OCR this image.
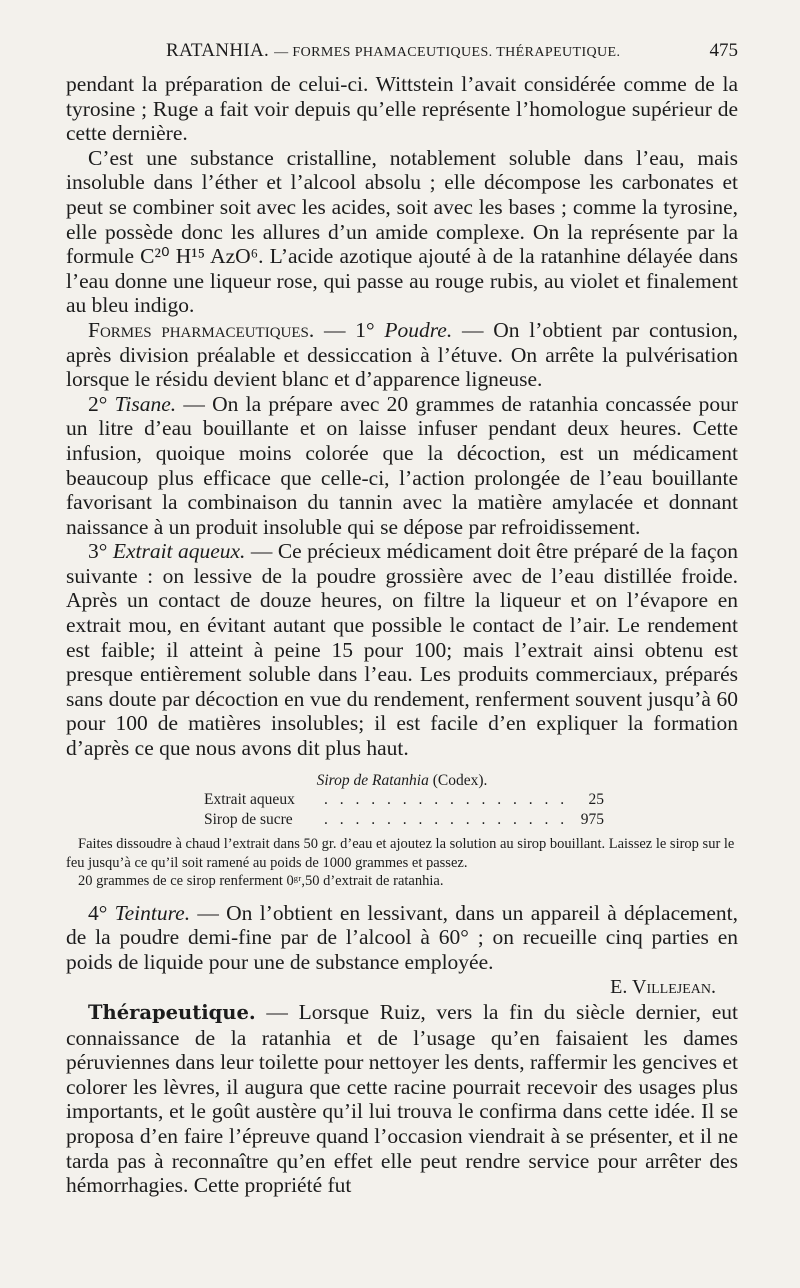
RATANHIA. — FORMES PHAMACEUTIQUES. THÉRAPEUTIQUE.	475

pendant la préparation de celui-ci. Wittstein l’avait considérée comme de la tyrosine ; Ruge a fait voir depuis qu’elle représente l’homologue supérieur de cette dernière.

C’est une substance cristalline, notablement soluble dans l’eau, mais insoluble dans l’éther et l’alcool absolu ; elle décompose les carbonates et peut se combiner soit avec les acides, soit avec les bases ; comme la tyrosine, elle possède donc les allures d’un amide complexe. On la représente par la formule C²⁰ H¹⁵ AzO⁶. L’acide azotique ajouté à de la ratanhine délayée dans l’eau donne une liqueur rose, qui passe au rouge rubis, au violet et finalement au bleu indigo.

Formes pharmaceutiques. — 1° Poudre. — On l’obtient par contusion, après division préalable et dessiccation à l’étuve. On arrête la pulvérisation lorsque le résidu devient blanc et d’apparence ligneuse.

2° Tisane. — On la prépare avec 20 grammes de ratanhia concassée pour un litre d’eau bouillante et on laisse infuser pendant deux heures. Cette infusion, quoique moins colorée que la décoction, est un médicament beaucoup plus efficace que celle-ci, l’action prolongée de l’eau bouillante favorisant la combinaison du tannin avec la matière amylacée et donnant naissance à un produit insoluble qui se dépose par refroidissement.

3° Extrait aqueux. — Ce précieux médicament doit être préparé de la façon suivante : on lessive de la poudre grossière avec de l’eau distillée froide. Après un contact de douze heures, on filtre la liqueur et on l’évapore en extrait mou, en évitant autant que possible le contact de l’air. Le rendement est faible; il atteint à peine 15 pour 100; mais l’extrait ainsi obtenu est presque entièrement soluble dans l’eau. Les produits commerciaux, préparés sans doute par décoction en vue du rendement, renferment souvent jusqu’à 60 pour 100 de matières insolubles; il est facile d’en expliquer la formation d’après ce que nous avons dit plus haut.

Sirop de Ratanhia (Codex).
Extrait aqueux . . . . . . . . . . . . . . . . 25
Sirop de sucre . . . . . . . . . . . . . . . . 975

Faites dissoudre à chaud l’extrait dans 50 gr. d’eau et ajoutez la solution au sirop bouillant. Laissez le sirop sur le feu jusqu’à ce qu’il soit ramené au poids de 1000 grammes et passez.

20 grammes de ce sirop renferment 0ᵍʳ,50 d’extrait de ratanhia.

4° Teinture. — On l’obtient en lessivant, dans un appareil à déplacement, de la poudre demi-fine par de l’alcool à 60° ; on recueille cinq parties en poids de liquide pour une de substance employée.

E. Villejean.

Thérapeutique. — Lorsque Ruiz, vers la fin du siècle dernier, eut connaissance de la ratanhia et de l’usage qu’en faisaient les dames péruviennes dans leur toilette pour nettoyer les dents, raffermir les gencives et colorer les lèvres, il augura que cette racine pourrait recevoir des usages plus importants, et le goût austère qu’il lui trouva le confirma dans cette idée. Il se proposa d’en faire l’épreuve quand l’occasion viendrait à se présenter, et il ne tarda pas à reconnaître qu’en effet elle peut rendre service pour arrêter des hémorrhagies. Cette propriété fut
